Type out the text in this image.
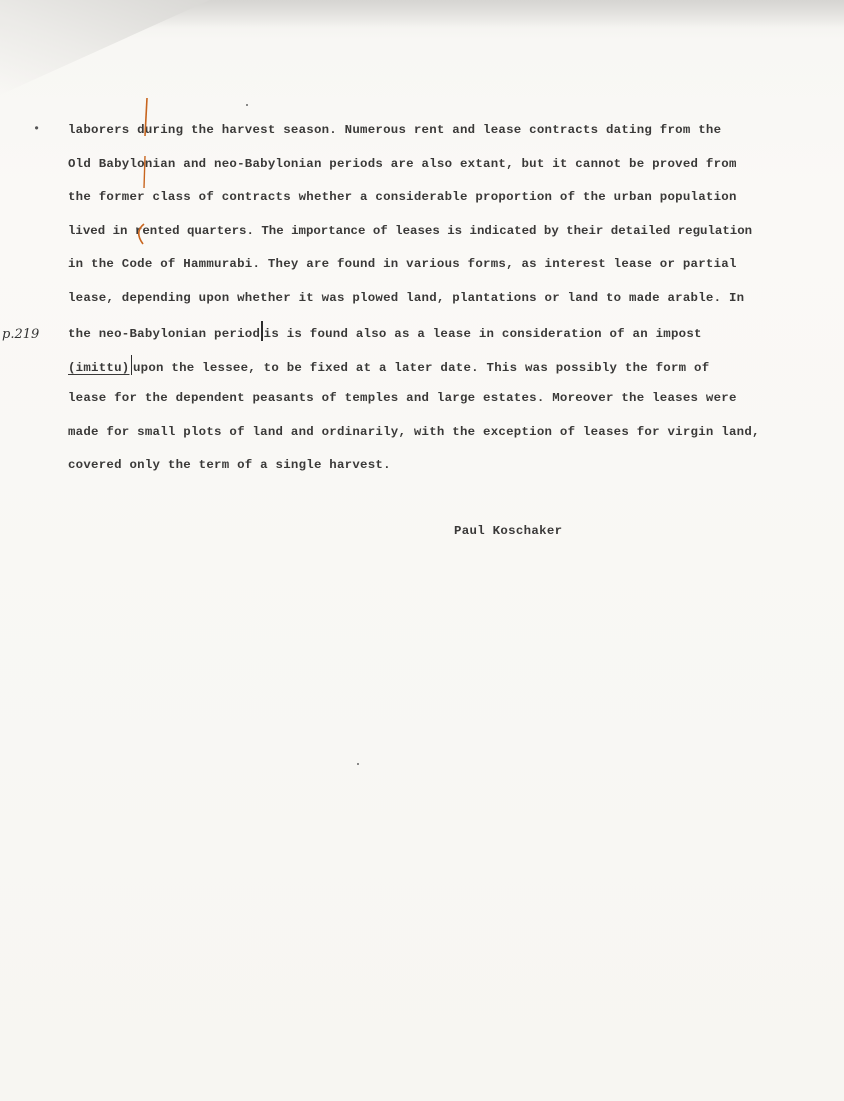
• laborers during the harvest season. Numerous rent and lease contracts dating from the
Old Babylonian and neo-Babylonian periods are also extant, but it cannot be proved from
the former class of contracts whether a considerable proportion of the urban population
lived in rented quarters. The importance of leases is indicated by their detailed regulation
in the Code of Hammurabi. They are found in various forms, as interest lease or partial
lease, depending upon whether it was plowed land, plantations or land to made arable. In
the neo-Babylonian period is is found also as a lease in consideration of an impost
(imittu) upon the lessee, to be fixed at a later date. This was possibly the form of
lease for the dependent peasants of temples and large estates. Moreover the leases were
made for small plots of land and ordinarily, with the exception of leases for virgin land,
covered only the term of a single harvest.

Paul Koschaker

p.219
